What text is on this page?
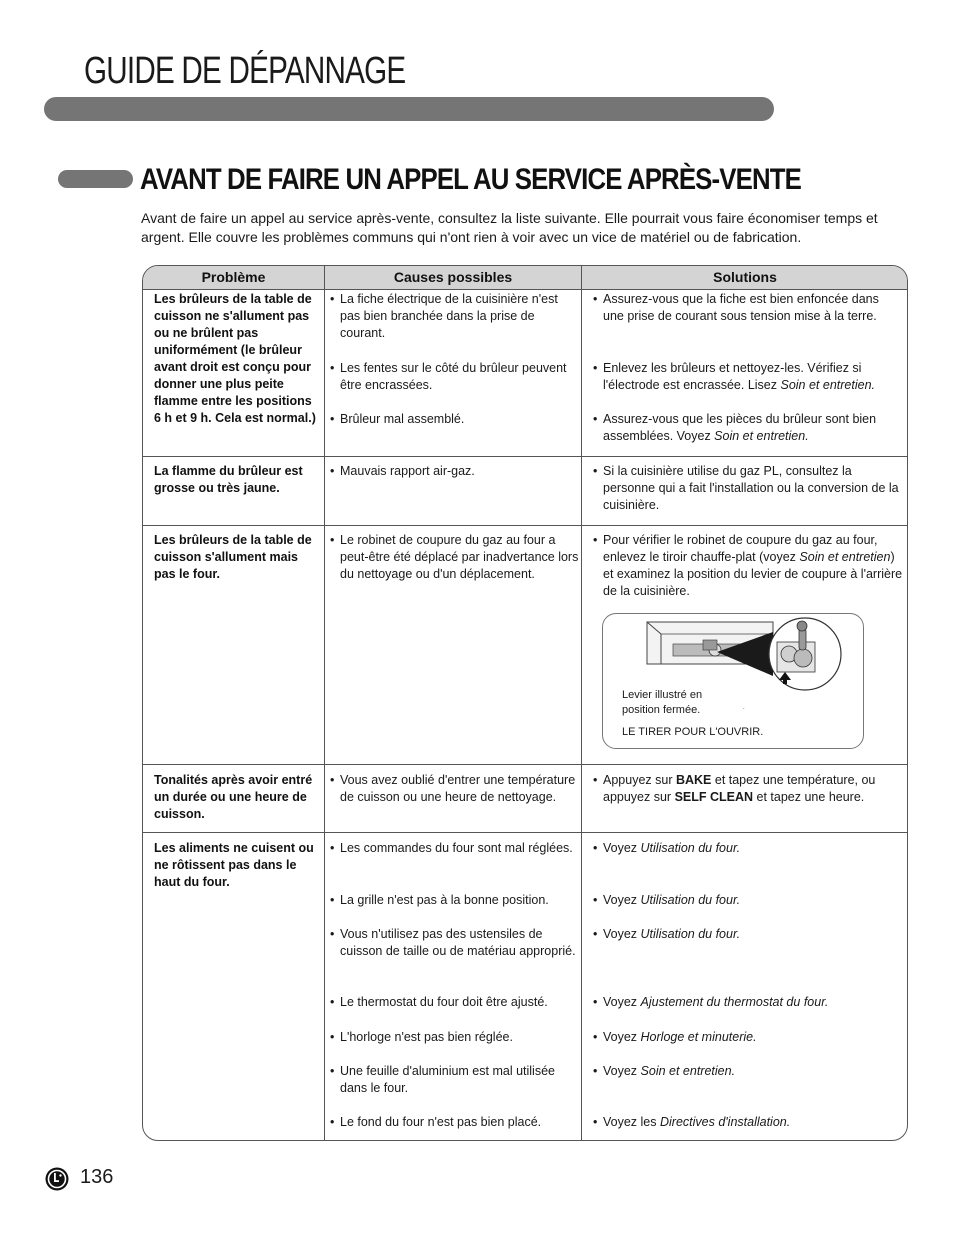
GUIDE DE DÉPANNAGE
AVANT DE FAIRE UN APPEL AU SERVICE APRÈS-VENTE

Avant de faire un appel au service après-vente, consultez la liste suivante. Elle pourrait vous faire économiser temps et argent. Elle couvre les problèmes communs qui n'ont rien à voir avec un vice de matériel ou de fabrication.

Problème	Causes possibles	Solutions

Les brûleurs de la table de cuisson ne s'allument pas ou ne brûlent pas uniformément (le brûleur avant droit est conçu pour donner une plus peite flamme entre les positions 6 h et 9 h. Cela est normal.)

• La fiche électrique de la cuisinière n'est pas bien branchée dans la prise de courant.

• Les fentes sur le côté du brûleur peuvent être encrassées.

• Brûleur mal assemblé.

• Assurez-vous que la fiche est bien enfoncée dans une prise de courant sous tension mise à la terre.

• Enlevez les brûleurs et nettoyez-les. Vérifiez si l'électrode est encrassée. Lisez Soin et entretien.

• Assurez-vous que les pièces du brûleur sont bien assemblées. Voyez Soin et entretien.

La flamme du brûleur est grosse ou très jaune.

• Mauvais rapport air-gaz.

•	Si la cuisinière utilise du gaz PL, consultez la personne qui a fait l'installation ou la conversion de la cuisinière.

Les brûleurs de la table de cuisson s'allument mais pas le four.

• Le robinet de coupure du gaz au four a peut-être été déplacé par inadvertance lors du nettoyage ou d'un déplacement.

• Pour vérifier le robinet de coupure du gaz au four, enlevez le tiroir chauffe-plat (voyez Soin et entretien) et examinez la position du levier de coupure à l'arrière de la cuisinière.

.

Levier illustré en position fermée.

LE TIRER POUR L'OUVRIR.

Tonalités après avoir entré un durée ou une heure de cuisson.

• Vous avez oublié d'entrer une température de cuisson ou une heure de nettoyage.

• Appuyez sur BAKE et tapez une température, ou appuyez sur SELF CLEAN et tapez une heure.

Les aliments ne cuisent ou ne rôtissent pas dans le haut du four.

• Les commandes du four sont mal réglées.

• La grille n'est pas à la bonne position.

• Vous n'utilisez pas des ustensiles de cuisson de taille ou de matériau approprié.

• Le thermostat du four doit être ajusté.

• L'horloge n'est pas bien réglée.

• Une feuille d'aluminium est mal utilisée dans le four.

• Le fond du four n'est pas bien placé.

• Voyez Utilisation du four.

• Voyez Utilisation du four.

• Voyez Utilisation du four.

• Voyez Ajustement du thermostat du four.

• Voyez Horloge et minuterie.

• Voyez Soin et entretien.

• Voyez les Directives d'installation.

136
